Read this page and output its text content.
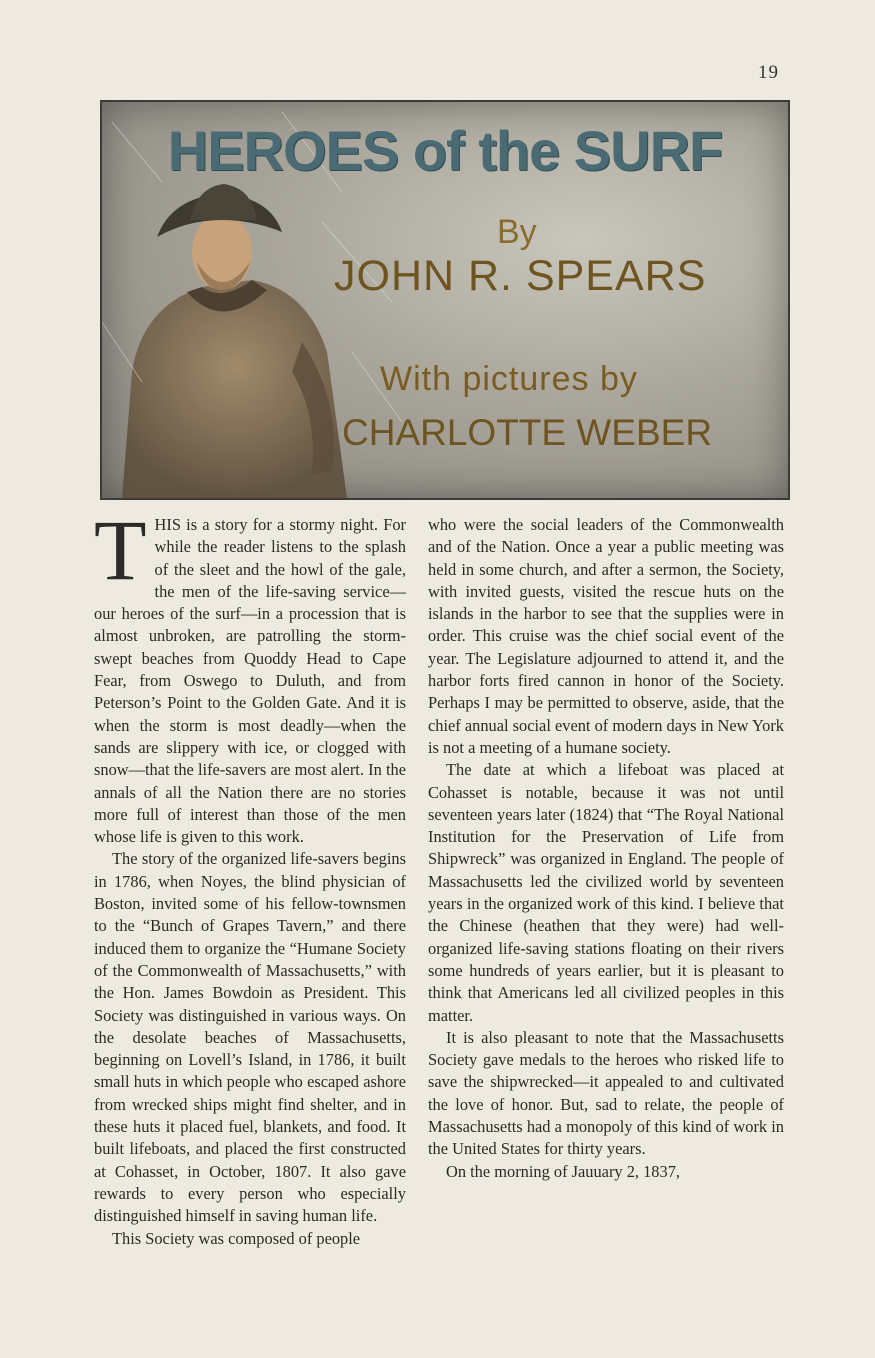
19
HEROES of the SURF
By
JOHN R. SPEARS
With pictures by
CHARLOTTE WEBER

THIS is a story for a stormy night. For while the reader listens to the splash of the sleet and the howl of the gale, the men of the life-saving service—our heroes of the surf—in a procession that is almost unbroken, are patrolling the storm-swept beaches from Quoddy Head to Cape Fear, from Oswego to Duluth, and from Peterson’s Point to the Golden Gate. And it is when the storm is most deadly—when the sands are slippery with ice, or clogged with snow—that the life-savers are most alert. In the annals of all the Nation there are no stories more full of interest than those of the men whose life is given to this work.

The story of the organized life-savers begins in 1786, when Noyes, the blind physician of Boston, invited some of his fellow-townsmen to the “Bunch of Grapes Tavern,” and there induced them to organize the “Humane Society of the Commonwealth of Massachusetts,” with the Hon. James Bowdoin as President. This Society was distinguished in various ways. On the desolate beaches of Massachusetts, beginning on Lovell’s Island, in 1786, it built small huts in which people who escaped ashore from wrecked ships might find shelter, and in these huts it placed fuel, blankets, and food. It built lifeboats, and placed the first constructed at Cohasset, in October, 1807. It also gave rewards to every person who especially distinguished himself in saving human life.

This Society was composed of people

who were the social leaders of the Commonwealth and of the Nation. Once a year a public meeting was held in some church, and after a sermon, the Society, with invited guests, visited the rescue huts on the islands in the harbor to see that the supplies were in order. This cruise was the chief social event of the year. The Legislature adjourned to attend it, and the harbor forts fired cannon in honor of the Society. Perhaps I may be permitted to observe, aside, that the chief annual social event of modern days in New York is not a meeting of a humane society.

The date at which a lifeboat was placed at Cohasset is notable, because it was not until seventeen years later (1824) that “The Royal National Institution for the Preservation of Life from Shipwreck” was organized in England. The people of Massachusetts led the civilized world by seventeen years in the organized work of this kind. I believe that the Chinese (heathen that they were) had well-organized life-saving stations floating on their rivers some hundreds of years earlier, but it is pleasant to think that Americans led all civilized peoples in this matter.

It is also pleasant to note that the Massachusetts Society gave medals to the heroes who risked life to save the shipwrecked—it appealed to and cultivated the love of honor. But, sad to relate, the people of Massachusetts had a monopoly of this kind of work in the United States for thirty years.

On the morning of Jauuary 2, 1837,
